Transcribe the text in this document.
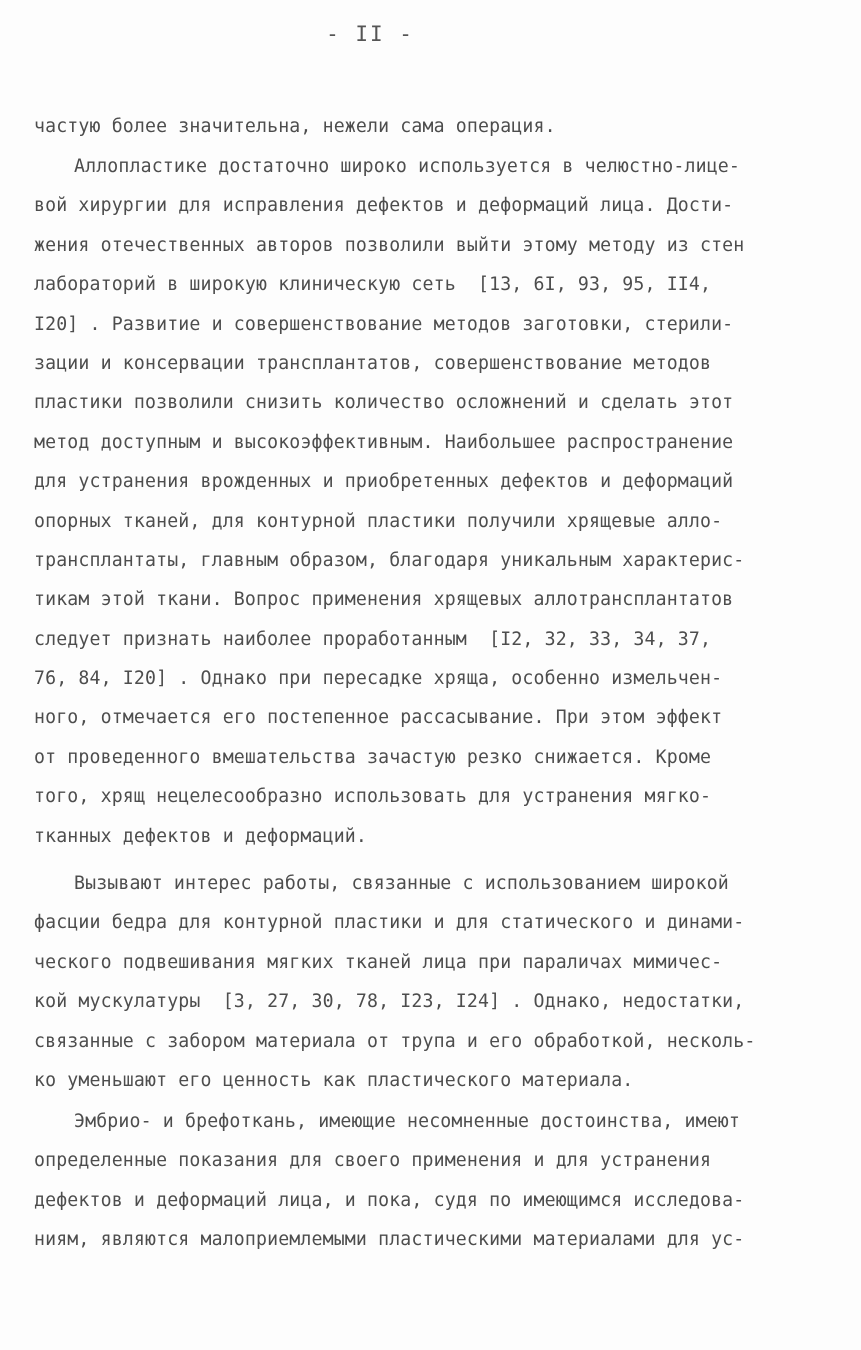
- II -
частую более значительна, нежели сама операция.
Аллопластике достаточно широко используется в челюстно-лице-
вой хирургии для исправления дефектов и деформаций лица. Дости-
жения отечественных авторов позволили выйти этому методу из стен
лабораторий в широкую клиническую сеть  [13, 6I, 93, 95, II4,
I20] . Развитие и совершенствование методов заготовки, стерили-
зации и консервации трансплантатов, совершенствование методов
пластики позволили снизить количество осложнений и сделать этот
метод доступным и высокоэффективным. Наибольшее распространение
для устранения врожденных и приобретенных дефектов и деформаций
опорных тканей, для контурной пластики получили хрящевые алло-
трансплантаты, главным образом, благодаря уникальным характерис-
тикам этой ткани. Вопрос применения хрящевых аллотрансплантатов
следует признать наиболее проработанным  [I2, 32, 33, 34, 37,
76, 84, I20] . Однако при пересадке хряща, особенно измельчен-
ного, отмечается его постепенное рассасывание. При этом эффект
от проведенного вмешательства зачастую резко снижается. Кроме
того, хрящ нецелесообразно использовать для устранения мягко-
тканных дефектов и деформаций.
Вызывают интерес работы, связанные с использованием широкой
фасции бедра для контурной пластики и для статического и динами-
ческого подвешивания мягких тканей лица при параличах мимичес-
кой мускулатуры  [3, 27, 30, 78, I23, I24] . Однако, недостатки,
связанные с забором материала от трупа и его обработкой, несколь-
ко уменьшают его ценность как пластического материала.
Эмбрио- и брефоткань, имеющие несомненные достоинства, имеют
определенные показания для своего применения и для устранения
дефектов и деформаций лица, и пока, судя по имеющимся исследова-
ниям, являются малоприемлемыми пластическими материалами для ус-
